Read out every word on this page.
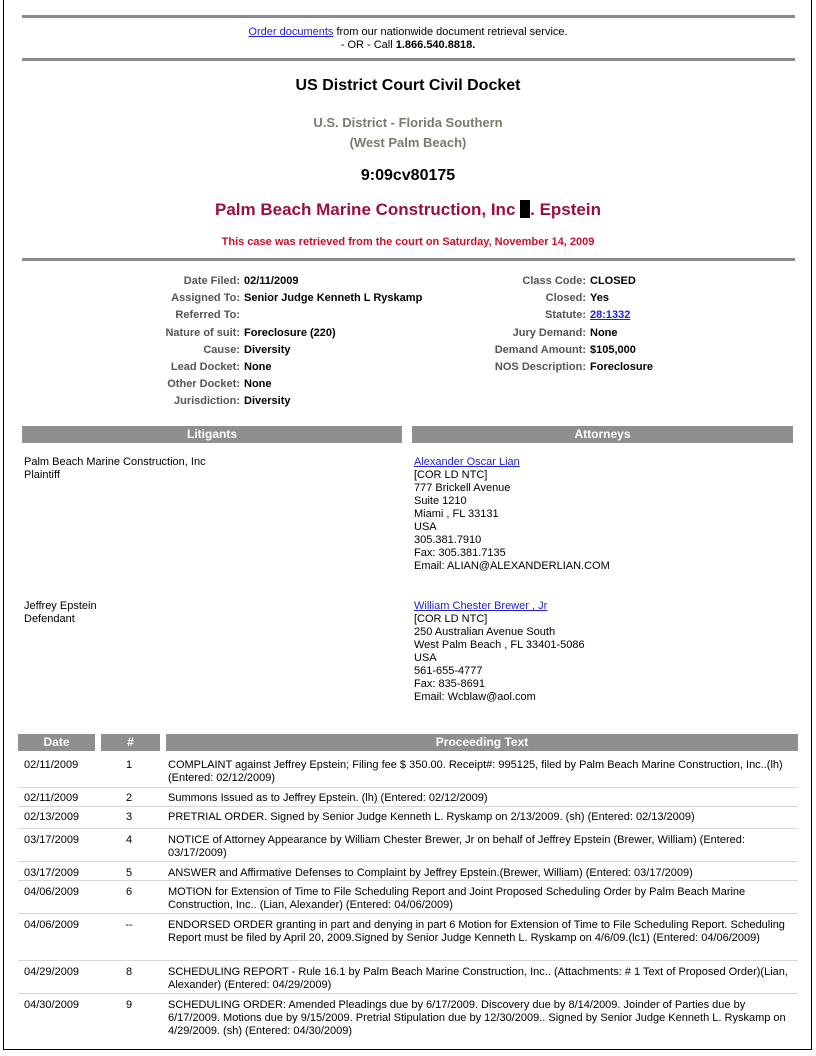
Order documents from our nationwide document retrieval service.
- OR - Call 1.866.540.8818.
US District Court Civil Docket
U.S. District - Florida Southern
(West Palm Beach)
9:09cv80175
Palm Beach Marine Construction, Inc . Epstein
This case was retrieved from the court on Saturday, November 14, 2009
Date Filed: 02/11/2009
Assigned To: Senior Judge Kenneth L Ryskamp
Referred To:
Nature of suit: Foreclosure (220)
Cause: Diversity
Lead Docket: None
Other Docket: None
Jurisdiction: Diversity
Class Code: CLOSED
Closed: Yes
Statute: 28:1332
Jury Demand: None
Demand Amount: $105,000
NOS Description: Foreclosure
Litigants	Attorneys
Palm Beach Marine Construction, Inc
Plaintiff
Alexander Oscar Lian
[COR LD NTC]
777 Brickell Avenue
Suite 1210
Miami , FL 33131
USA
305.381.7910
Fax: 305.381.7135
Email: ALIAN@ALEXANDERLIAN.COM
Jeffrey Epstein
Defendant
William Chester Brewer , Jr
[COR LD NTC]
250 Australian Avenue South
West Palm Beach , FL 33401-5086
USA
561-655-4777
Fax: 835-8691
Email: Wcblaw@aol.com
Date	#	Proceeding Text
02/11/2009	1	COMPLAINT against Jeffrey Epstein; Filing fee $ 350.00. Receipt#: 995125, filed by Palm Beach Marine Construction, Inc..(lh) (Entered: 02/12/2009)
02/11/2009	2	Summons Issued as to Jeffrey Epstein. (lh) (Entered: 02/12/2009)
02/13/2009	3	PRETRIAL ORDER. Signed by Senior Judge Kenneth L. Ryskamp on 2/13/2009. (sh) (Entered: 02/13/2009)
03/17/2009	4	NOTICE of Attorney Appearance by William Chester Brewer, Jr on behalf of Jeffrey Epstein (Brewer, William) (Entered: 03/17/2009)
03/17/2009	5	ANSWER and Affirmative Defenses to Complaint by Jeffrey Epstein.(Brewer, William) (Entered: 03/17/2009)
04/06/2009	6	MOTION for Extension of Time to File Scheduling Report and Joint Proposed Scheduling Order by Palm Beach Marine Construction, Inc.. (Lian, Alexander) (Entered: 04/06/2009)
04/06/2009	--	ENDORSED ORDER granting in part and denying in part 6 Motion for Extension of Time to File Scheduling Report. Scheduling Report must be filed by April 20, 2009.Signed by Senior Judge Kenneth L. Ryskamp on 4/6/09.(lc1) (Entered: 04/06/2009)
04/29/2009	8	SCHEDULING REPORT - Rule 16.1 by Palm Beach Marine Construction, Inc.. (Attachments: # 1 Text of Proposed Order)(Lian, Alexander) (Entered: 04/29/2009)
04/30/2009	9	SCHEDULING ORDER: Amended Pleadings due by 6/17/2009. Discovery due by 8/14/2009. Joinder of Parties due by 6/17/2009. Motions due by 9/15/2009. Pretrial Stipulation due by 12/30/2009.. Signed by Senior Judge Kenneth L. Ryskamp on 4/29/2009. (sh) (Entered: 04/30/2009)
